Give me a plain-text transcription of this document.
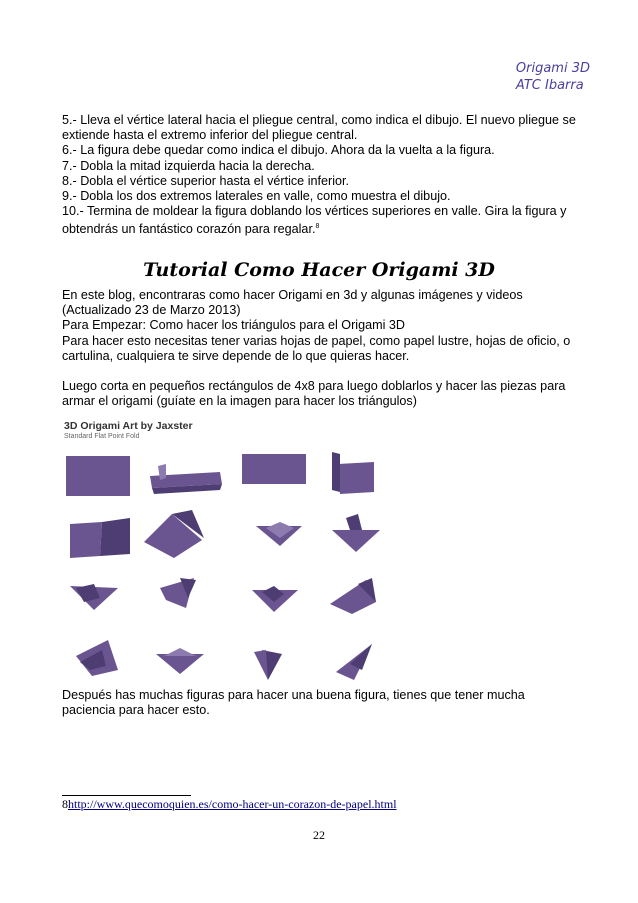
Origami 3D
ATC Ibarra

5.- Lleva el vértice lateral hacia el pliegue central, como indica el dibujo. El nuevo pliegue se extiende hasta el extremo inferior del pliegue central.

6.- La figura debe quedar como indica el dibujo. Ahora da la vuelta a la figura.

7.- Dobla la mitad izquierda hacia la derecha.

8.- Dobla el vértice superior hasta el vértice inferior.

9.- Dobla los dos extremos laterales en valle, como muestra el dibujo.

10.- Termina de moldear la figura doblando los vértices superiores en valle. Gira la figura y obtendrás un fantástico corazón para regalar.$^8$

Tutorial Como Hacer Origami 3D

En este blog, encontraras como hacer Origami en 3d y algunas imágenes y videos

(Actualizado 23 de Marzo 2013)

Para Empezar: Como hacer los triángulos para el Origami 3D

Para hacer esto necesitas tener varias hojas de papel, como papel lustre, hojas de oficio, o cartulina, cualquiera te sirve depende de lo que quieras hacer.

Luego corta en pequeños rectángulos de 4x8 para luego doblarlos y hacer las piezas para armar el origami (guíate en la imagen para hacer los triángulos)

3D Origami Art by Jaxster
Standard Flat Point Fold

Después has muchas figuras para hacer una buena figura, tienes que tener mucha paciencia para hacer esto.

8http://www.quecomoquien.es/como-hacer-un-corazon-de-papel.html
22
